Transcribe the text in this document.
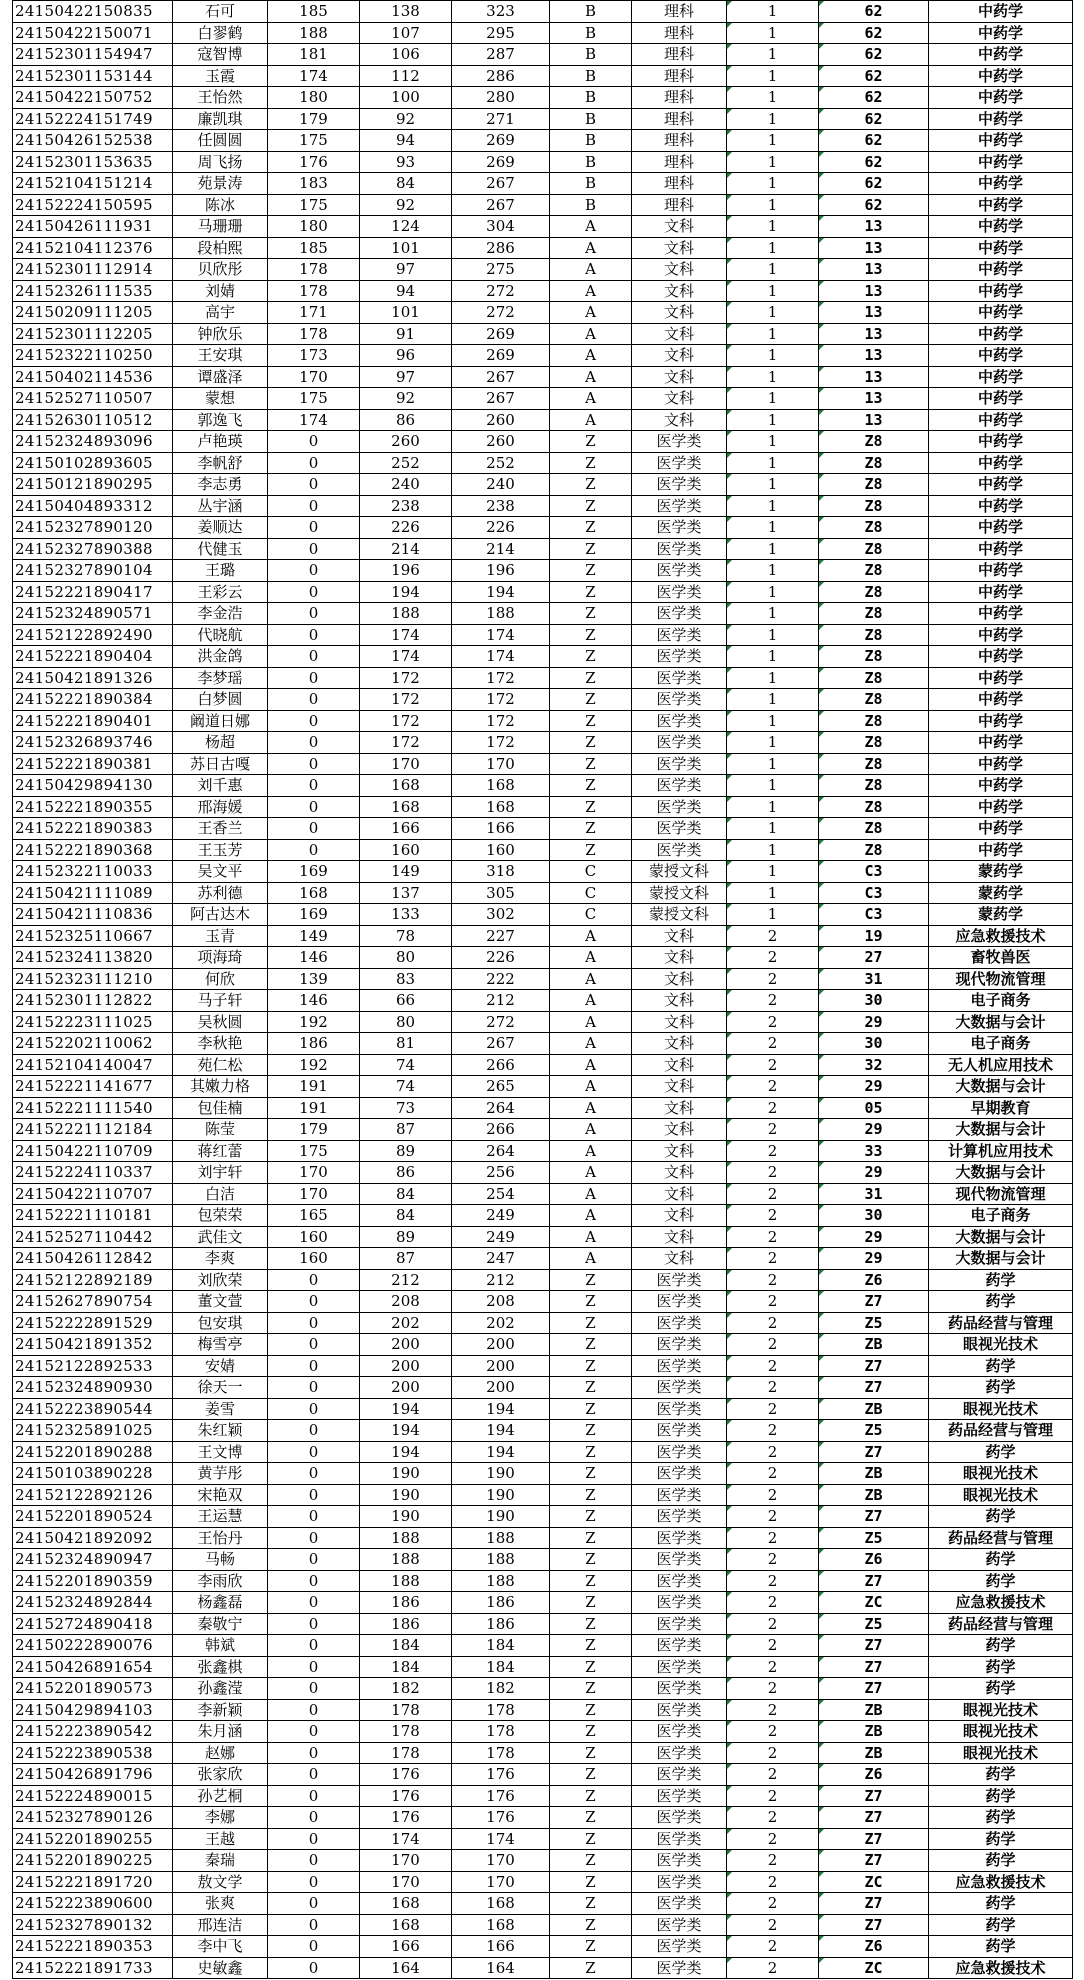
24150422150835	石可	185	138	323	B	理科	1	62	中药学
24150422150071	白翏鹤	188	107	295	B	理科	1	62	中药学
24152301154947	寇智博	181	106	287	B	理科	1	62	中药学
24152301153144	玉霞	174	112	286	B	理科	1	62	中药学
24150422150752	王怡然	180	100	280	B	理科	1	62	中药学
24152224151749	廉凯琪	179	92	271	B	理科	1	62	中药学
24150426152538	任圆圆	175	94	269	B	理科	1	62	中药学
24152301153635	周飞扬	176	93	269	B	理科	1	62	中药学
24152104151214	苑景涛	183	84	267	B	理科	1	62	中药学
24152224150595	陈冰	175	92	267	B	理科	1	62	中药学
24150426111931	马珊珊	180	124	304	A	文科	1	13	中药学
24152104112376	段柏熙	185	101	286	A	文科	1	13	中药学
24152301112914	贝欣彤	178	97	275	A	文科	1	13	中药学
24152326111535	刘婧	178	94	272	A	文科	1	13	中药学
24150209111205	高宇	171	101	272	A	文科	1	13	中药学
24152301112205	钟欣乐	178	91	269	A	文科	1	13	中药学
24152322110250	王安琪	173	96	269	A	文科	1	13	中药学
24150402114536	谭盛泽	170	97	267	A	文科	1	13	中药学
24152527110507	蒙想	175	92	267	A	文科	1	13	中药学
24152630110512	郭逸飞	174	86	260	A	文科	1	13	中药学
24152324893096	卢艳瑛	0	260	260	Z	医学类	1	Z8	中药学
24150102893605	李帆舒	0	252	252	Z	医学类	1	Z8	中药学
24150121890295	李志勇	0	240	240	Z	医学类	1	Z8	中药学
24150404893312	丛宇涵	0	238	238	Z	医学类	1	Z8	中药学
24152327890120	姜顺达	0	226	226	Z	医学类	1	Z8	中药学
24152327890388	代健玉	0	214	214	Z	医学类	1	Z8	中药学
24152327890104	王璐	0	196	196	Z	医学类	1	Z8	中药学
24152221890417	王彩云	0	194	194	Z	医学类	1	Z8	中药学
24152324890571	李金浩	0	188	188	Z	医学类	1	Z8	中药学
24152122892490	代晓航	0	174	174	Z	医学类	1	Z8	中药学
24152221890404	洪金鸽	0	174	174	Z	医学类	1	Z8	中药学
24150421891326	李梦瑶	0	172	172	Z	医学类	1	Z8	中药学
24152221890384	白梦圆	0	172	172	Z	医学类	1	Z8	中药学
24152221890401	阚道日娜	0	172	172	Z	医学类	1	Z8	中药学
24152326893746	杨超	0	172	172	Z	医学类	1	Z8	中药学
24152221890381	苏日古嘎	0	170	170	Z	医学类	1	Z8	中药学
24150429894130	刘千惠	0	168	168	Z	医学类	1	Z8	中药学
24152221890355	邢海媛	0	168	168	Z	医学类	1	Z8	中药学
24152221890383	王香兰	0	166	166	Z	医学类	1	Z8	中药学
24152221890368	王玉芳	0	160	160	Z	医学类	1	Z8	中药学
24152322110033	吴文平	169	149	318	C	蒙授文科	1	C3	蒙药学
24150421111089	苏利德	168	137	305	C	蒙授文科	1	C3	蒙药学
24150421110836	阿古达木	169	133	302	C	蒙授文科	1	C3	蒙药学
24152325110667	玉青	149	78	227	A	文科	2	19	应急救援技术
24152324113820	项海琦	146	80	226	A	文科	2	27	畜牧兽医
24152323111210	何欣	139	83	222	A	文科	2	31	现代物流管理
24152301112822	马子轩	146	66	212	A	文科	2	30	电子商务
24152223111025	吴秋圆	192	80	272	A	文科	2	29	大数据与会计
24152202110062	李秋艳	186	81	267	A	文科	2	30	电子商务
24152104140047	苑仁松	192	74	266	A	文科	2	32	无人机应用技术
24152221141677	其嫩力格	191	74	265	A	文科	2	29	大数据与会计
24152221111540	包佳楠	191	73	264	A	文科	2	05	早期教育
24152221112184	陈莹	179	87	266	A	文科	2	29	大数据与会计
24150422110709	蒋红蕾	175	89	264	A	文科	2	33	计算机应用技术
24152224110337	刘宇轩	170	86	256	A	文科	2	29	大数据与会计
24150422110707	白洁	170	84	254	A	文科	2	31	现代物流管理
24152221110181	包荣荣	165	84	249	A	文科	2	30	电子商务
24152527110442	武佳文	160	89	249	A	文科	2	29	大数据与会计
24150426112842	李爽	160	87	247	A	文科	2	29	大数据与会计
24152122892189	刘欣荣	0	212	212	Z	医学类	2	Z6	药学
24152627890754	董文萱	0	208	208	Z	医学类	2	Z7	药学
24152222891529	包安琪	0	202	202	Z	医学类	2	Z5	药品经营与管理
24150421891352	梅雪亭	0	200	200	Z	医学类	2	ZB	眼视光技术
24152122892533	安婧	0	200	200	Z	医学类	2	Z7	药学
24152324890930	徐天一	0	200	200	Z	医学类	2	Z7	药学
24152223890544	姜雪	0	194	194	Z	医学类	2	ZB	眼视光技术
24152325891025	朱红颖	0	194	194	Z	医学类	2	Z5	药品经营与管理
24152201890288	王文博	0	194	194	Z	医学类	2	Z7	药学
24150103890228	黄芋彤	0	190	190	Z	医学类	2	ZB	眼视光技术
24152122892126	宋艳双	0	190	190	Z	医学类	2	ZB	眼视光技术
24152201890524	王运慧	0	190	190	Z	医学类	2	Z7	药学
24150421892092	王怡丹	0	188	188	Z	医学类	2	Z5	药品经营与管理
24152324890947	马畅	0	188	188	Z	医学类	2	Z6	药学
24152201890359	李雨欣	0	188	188	Z	医学类	2	Z7	药学
24152324892844	杨鑫磊	0	186	186	Z	医学类	2	ZC	应急救援技术
24152724890418	秦敬宁	0	186	186	Z	医学类	2	Z5	药品经营与管理
24150222890076	韩斌	0	184	184	Z	医学类	2	Z7	药学
24150426891654	张鑫棋	0	184	184	Z	医学类	2	Z7	药学
24152201890573	孙鑫滢	0	182	182	Z	医学类	2	Z7	药学
24150429894103	李新颖	0	178	178	Z	医学类	2	ZB	眼视光技术
24152223890542	朱月涵	0	178	178	Z	医学类	2	ZB	眼视光技术
24152223890538	赵娜	0	178	178	Z	医学类	2	ZB	眼视光技术
24150426891796	张家欣	0	176	176	Z	医学类	2	Z6	药学
24152224890015	孙艺桐	0	176	176	Z	医学类	2	Z7	药学
24152327890126	李娜	0	176	176	Z	医学类	2	Z7	药学
24152201890255	王越	0	174	174	Z	医学类	2	Z7	药学
24152201890225	秦瑞	0	170	170	Z	医学类	2	Z7	药学
24152221891720	敖文学	0	170	170	Z	医学类	2	ZC	应急救援技术
24152223890600	张爽	0	168	168	Z	医学类	2	Z7	药学
24152327890132	邢连洁	0	168	168	Z	医学类	2	Z7	药学
24152221890353	李中飞	0	166	166	Z	医学类	2	Z6	药学
24152221891733	史敏鑫	0	164	164	Z	医学类	2	ZC	应急救援技术
